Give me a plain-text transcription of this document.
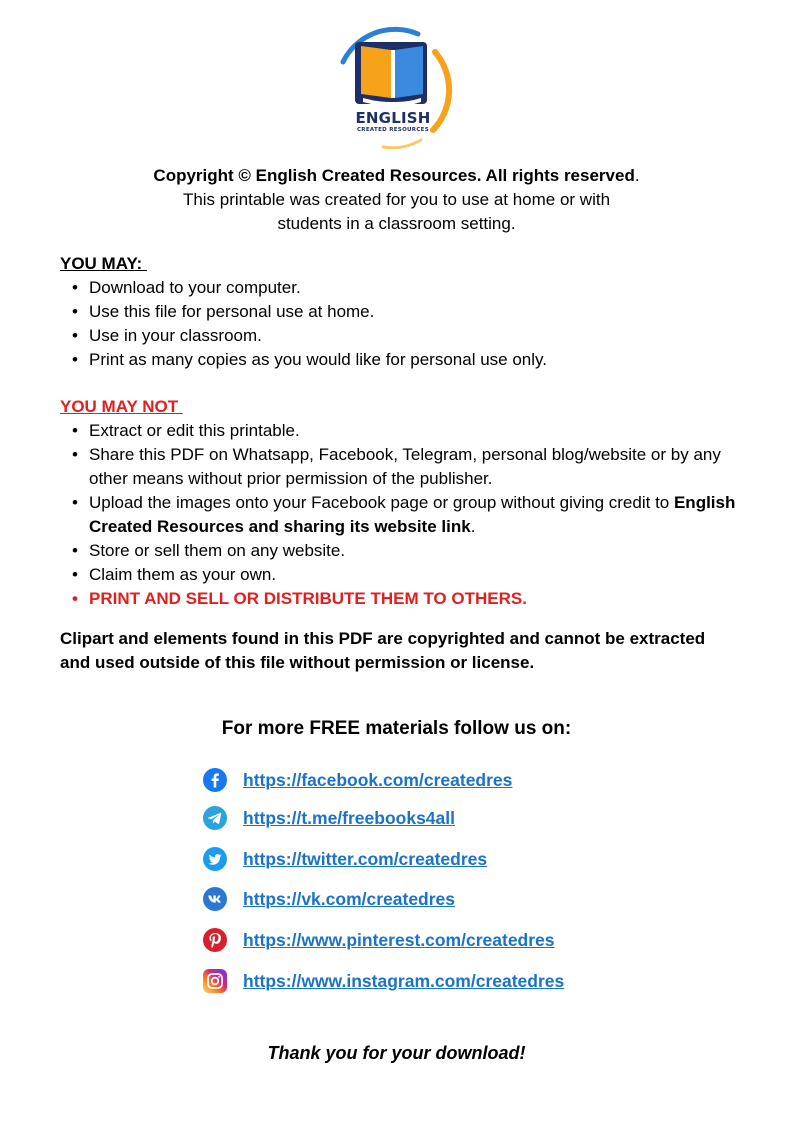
ENGLISH
CREATED RESOURCES
Copyright © English Created Resources. All rights reserved.
This printable was created for you to use at home or with
students in a classroom setting.
YOU MAY:
• Download to your computer.
• Use this file for personal use at home.
• Use in your classroom.
• Print as many copies as you would like for personal use only.
YOU MAY NOT
• Extract or edit this printable.
• Share this PDF on Whatsapp, Facebook, Telegram, personal blog/website or by any other means without prior permission of the publisher.
• Upload the images onto your Facebook page or group without giving credit to English Created Resources and sharing its website link.
• Store or sell them on any website.
• Claim them as your own.
• PRINT AND SELL OR DISTRIBUTE THEM TO OTHERS.
Clipart and elements found in this PDF are copyrighted and cannot be extracted and used outside of this file without permission or license.
For more FREE materials follow us on:
https://facebook.com/createdres
https://t.me/freebooks4all
https://twitter.com/createdres
https://vk.com/createdres
https://www.pinterest.com/createdres
https://www.instagram.com/createdres
Thank you for your download!
